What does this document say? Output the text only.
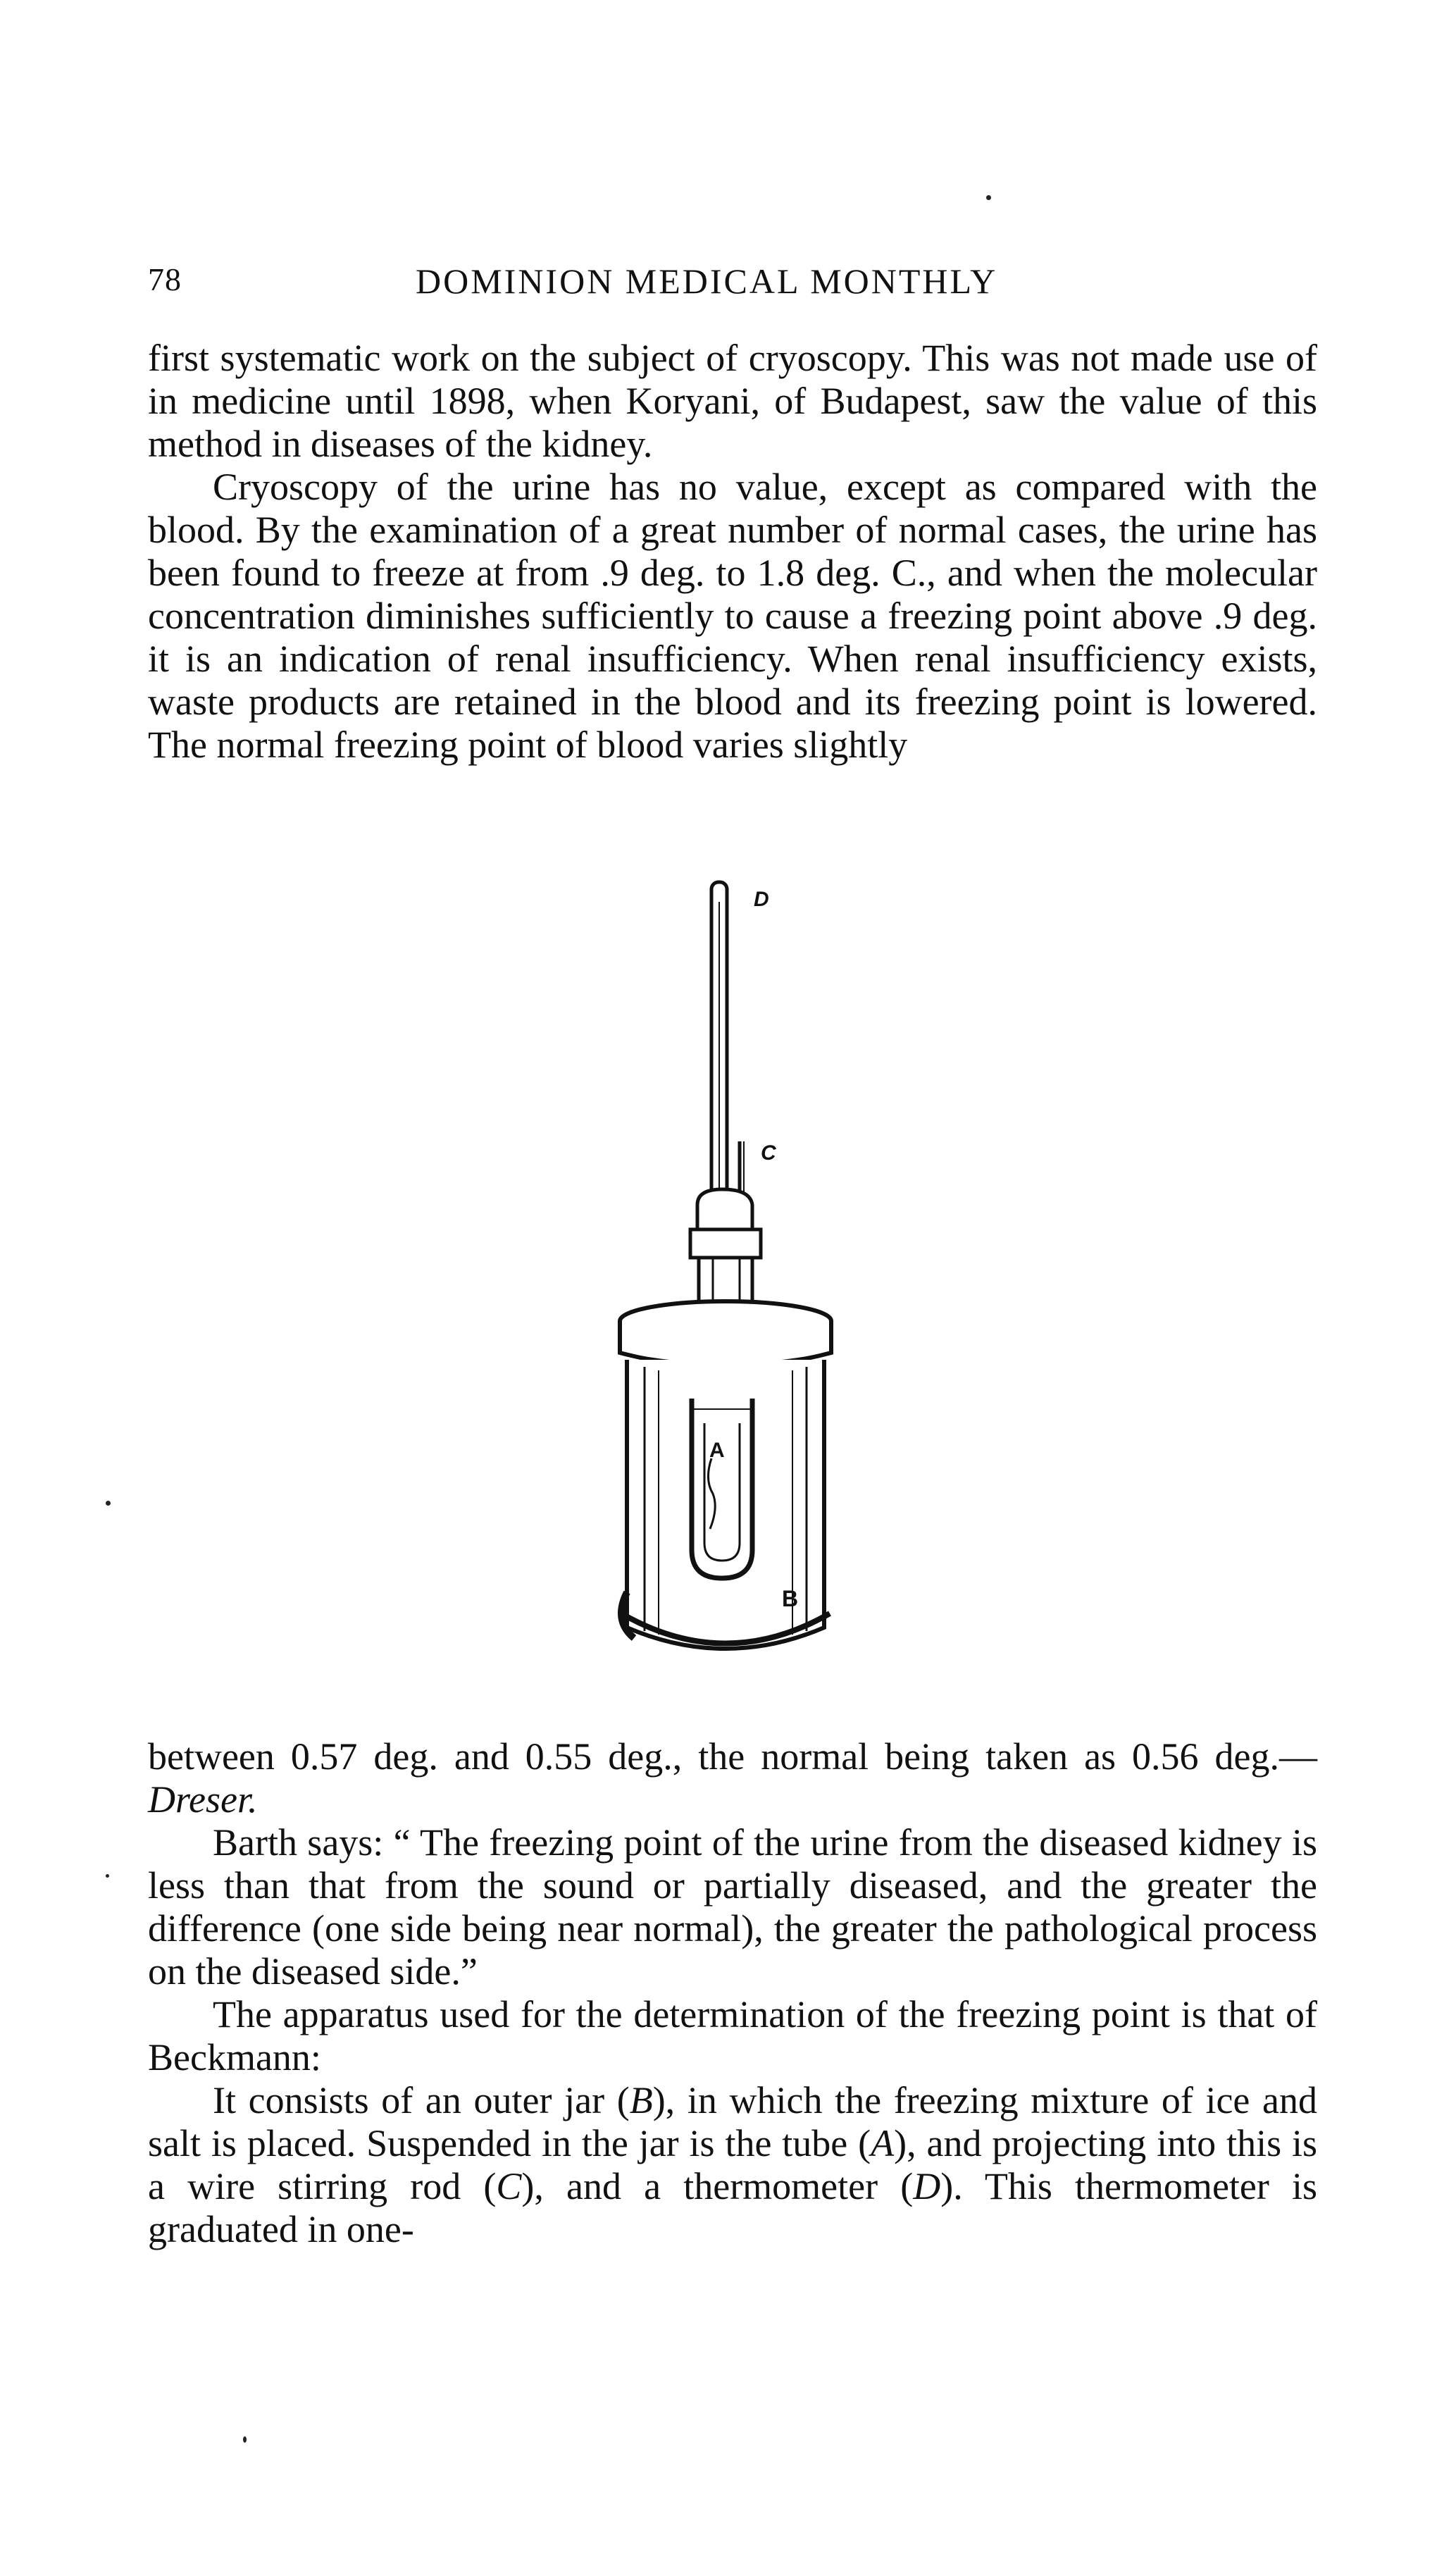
78	DOMINION MEDICAL MONTHLY

first systematic work on the subject of cryoscopy. This was not made use of in medicine until 1898, when Koryani, of Budapest, saw the value of this method in diseases of the kidney.

Cryoscopy of the urine has no value, except as compared with the blood. By the examination of a great number of normal cases, the urine has been found to freeze at from .9 deg. to 1.8 deg. C., and when the molecular concentration diminishes sufficiently to cause a freezing point above .9 deg. it is an indication of renal insufficiency. When renal insufficiency exists, waste products are retained in the blood and its freezing point is lowered. The normal freezing point of blood varies slightly

D
C
A
B

between 0.57 deg. and 0.55 deg., the normal being taken as 0.56 deg.—Dreser.

Barth says: “ The freezing point of the urine from the diseased kidney is less than that from the sound or partially diseased, and the greater the difference (one side being near normal), the greater the pathological process on the diseased side.”

The apparatus used for the determination of the freezing point is that of Beckmann:

It consists of an outer jar (B), in which the freezing mixture of ice and salt is placed. Suspended in the jar is the tube (A), and projecting into this is a wire stirring rod (C), and a thermometer (D). This thermometer is graduated in one-
